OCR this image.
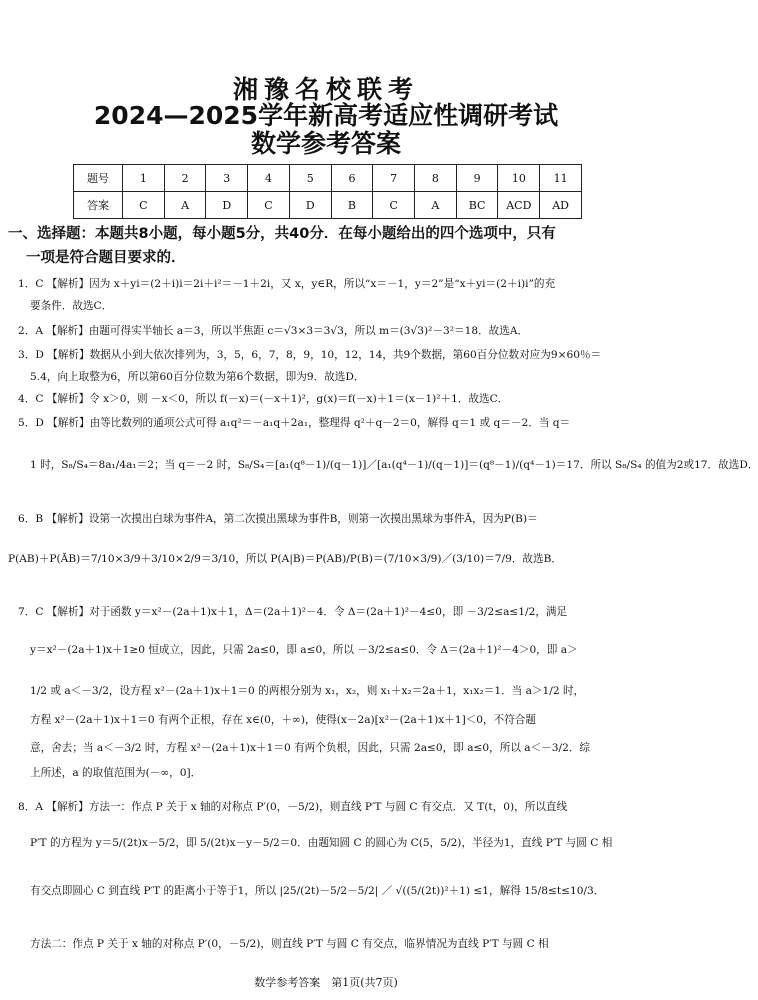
湘豫名校联考
2024—2025学年新高考适应性调研考试
数学参考答案
题号	1	2	3	4	5	6	7	8	9	10	11
答案	C	A	D	C	D	B	C	A	BC	ACD	AD

一、选择题：本题共8小题，每小题5分，共40分．在每小题给出的四个选项中，只有

一项是符合题目要求的．

1．C 【解析】因为 x＋yi＝(2＋i)i＝2i＋i²＝－1＋2i，又 x，y∈R，所以“x＝－1，y＝2”是“x＋yi＝(2＋i)i”的充

要条件．故选C．

2．A 【解析】由题可得实半轴长 a＝3，所以半焦距 c＝√3×3＝3√3，所以 m＝(3√3)²－3²＝18．故选A．

3．D 【解析】数据从小到大依次排列为，3，5，6，7，8，9，10，12，14，共9个数据，第60百分位数对应为9×60％＝

5.4，向上取整为6，所以第60百分位数为第6个数据，即为9．故选D．

4．C 【解析】令 x＞0，则 －x＜0，所以 f(－x)＝(－x＋1)²，g(x)＝f(－x)＋1＝(x－1)²＋1．故选C．

5．D 【解析】由等比数列的通项公式可得 a₁q²＝－a₁q＋2a₁，整理得 q²＋q－2＝0，解得 q＝1 或 q＝－2．当 q＝

1 时，S₈/S₄＝8a₁/4a₁＝2；当 q＝－2 时，S₈/S₄＝[a₁(q⁸－1)/(q－1)]／[a₁(q⁴－1)/(q－1)]＝(q⁸－1)/(q⁴－1)＝17．所以 S₈/S₄ 的值为2或17．故选D．

6．B 【解析】设第一次摸出白球为事件A，第二次摸出黑球为事件B，则第一次摸出黑球为事件Ā，因为P(B)＝

P(AB)＋P(ĀB)＝7/10×3/9＋3/10×2/9＝3/10，所以 P(A|B)＝P(AB)/P(B)＝(7/10×3/9)／(3/10)＝7/9．故选B．

7．C 【解析】对于函数 y＝x²－(2a＋1)x＋1，Δ＝(2a＋1)²－4．令 Δ＝(2a＋1)²－4≤0，即 －3/2≤a≤1/2，满足

y＝x²－(2a＋1)x＋1≥0 恒成立，因此，只需 2a≤0，即 a≤0，所以 －3/2≤a≤0．令 Δ＝(2a＋1)²－4＞0，即 a＞

1/2 或 a＜－3/2，设方程 x²－(2a＋1)x＋1＝0 的两根分别为 x₁，x₂，则 x₁＋x₂＝2a＋1，x₁x₂＝1．当 a＞1/2 时，

方程 x²－(2a＋1)x＋1＝0 有两个正根，存在 x∈(0，＋∞)，使得(x－2a)[x²－(2a＋1)x＋1]＜0，不符合题

意，舍去；当 a＜－3/2 时，方程 x²－(2a＋1)x＋1＝0 有两个负根，因此，只需 2a≤0，即 a≤0，所以 a＜－3/2．综

上所述，a 的取值范围为(－∞，0]．

8．A 【解析】方法一：作点 P 关于 x 轴的对称点 P′(0，－5/2)，则直线 P′T 与圆 C 有交点．又 T(t，0)，所以直线

P′T 的方程为 y＝5/(2t)x－5/2，即 5/(2t)x－y－5/2＝0．由题知圆 C 的圆心为 C(5，5/2)，半径为1，直线 P′T 与圆 C 相

有交点即圆心 C 到直线 P′T 的距离小于等于1，所以 |25/(2t)－5/2－5/2| ／ √((5/(2t))²＋1) ≤1，解得 15/8≤t≤10/3．

方法二：作点 P 关于 x 轴的对称点 P′(0，－5/2)，则直线 P′T 与圆 C 有交点，临界情况为直线 P′T 与圆 C 相

数学参考答案　第1页(共7页)
